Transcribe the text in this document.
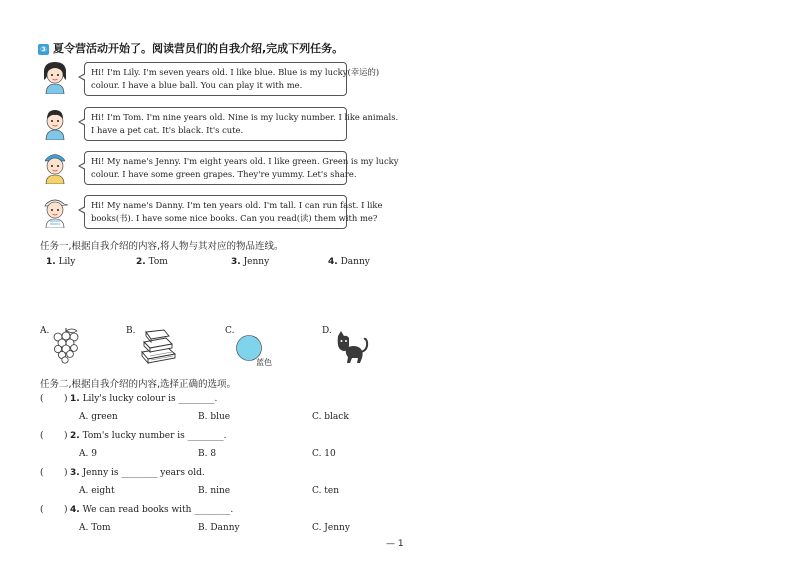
③ 夏令营活动开始了。阅读营员们的自我介绍,完成下列任务。
Hi! I'm Lily. I'm seven years old. I like blue. Blue is my lucky(幸运的)
colour. I have a blue ball. You can play it with me.
Hi! I'm Tom. I'm nine years old. Nine is my lucky number. I like animals.
I have a pet cat. It's black. It's cute.
Hi! My name's Jenny. I'm eight years old. I like green. Green is my lucky
colour. I have some green grapes. They're yummy. Let's share.
Hi! My name's Danny. I'm ten years old. I'm tall. I can run fast. I like
books(书). I have some nice books. Can you read(读) them with me?
任务一,根据自我介绍的内容,将人物与其对应的物品连线。
1. Lily	2. Tom	3. Jenny	4. Danny
A.	B.	C.	D.
蓝色
任务二,根据自我介绍的内容,选择正确的选项。
( ) 1. Lily's lucky colour is ________.
A. green	B. blue	C. black
( ) 2. Tom's lucky number is ________.
A. 9	B. 8	C. 10
( ) 3. Jenny is ________ years old.
A. eight	B. nine	C. ten
( ) 4. We can read books with ________.
A. Tom	B. Danny	C. Jenny
— 1
